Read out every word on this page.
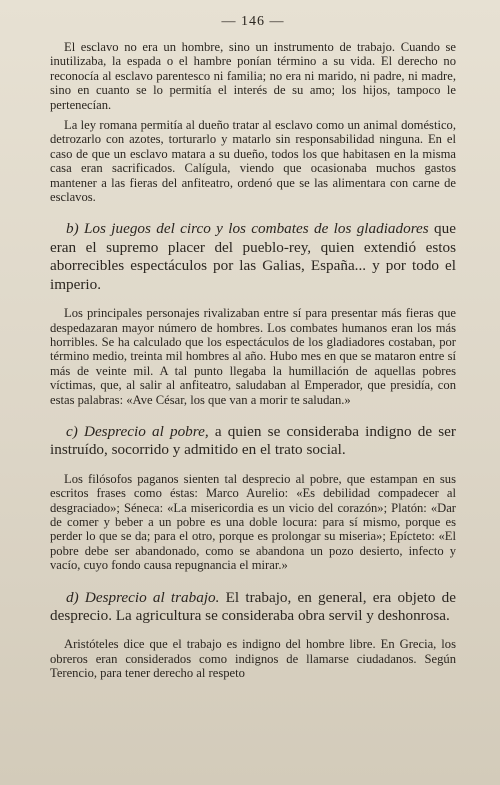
— 146 —

El esclavo no era un hombre, sino un instrumento de trabajo. Cuando se inutilizaba, la espada o el hambre ponían término a su vida. El derecho no reconocía al esclavo parentesco ni familia; no era ni marido, ni padre, ni madre, sino en cuanto se lo permitía el interés de su amo; los hijos, tampoco le pertenecían.

La ley romana permitía al dueño tratar al esclavo como un animal doméstico, detrozarlo con azotes, torturarlo y matarlo sin responsabilidad ninguna. En el caso de que un esclavo matara a su dueño, todos los que habitasen en la misma casa eran sacrificados. Calígula, viendo que ocasionaba muchos gastos mantener a las fieras del anfiteatro, ordenó que se las alimentara con carne de esclavos.

b) Los juegos del circo y los combates de los gladiadores que eran el supremo placer del pueblo-rey, quien extendió estos aborrecibles espectáculos por las Galias, España... y por todo el imperio.

Los principales personajes rivalizaban entre sí para presentar más fieras que despedazaran mayor número de hombres. Los combates humanos eran los más horribles. Se ha calculado que los espectáculos de los gladiadores costaban, por término medio, treinta mil hombres al año. Hubo mes en que se mataron entre sí más de veinte mil. A tal punto llegaba la humillación de aquellas pobres víctimas, que, al salir al anfiteatro, saludaban al Emperador, que presidía, con estas palabras: «Ave César, los que van a morir te saludan.»

c) Desprecio al pobre, a quien se consideraba indigno de ser instruído, socorrido y admitido en el trato social.

Los filósofos paganos sienten tal desprecio al pobre, que estampan en sus escritos frases como éstas: Marco Aurelio: «Es debilidad compadecer al desgraciado»; Séneca: «La misericordia es un vicio del corazón»; Platón: «Dar de comer y beber a un pobre es una doble locura: para sí mismo, porque es perder lo que se da; para el otro, porque es prolongar su miseria»; Epícteto: «El pobre debe ser abandonado, como se abandona un pozo desierto, infecto y vacío, cuyo fondo causa repugnancia el mirar.»

d) Desprecio al trabajo. El trabajo, en general, era objeto de desprecio. La agricultura se consideraba obra servil y deshonrosa.

Aristóteles dice que el trabajo es indigno del hombre libre. En Grecia, los obreros eran considerados como indignos de llamarse ciudadanos. Según Terencio, para tener derecho al respeto
